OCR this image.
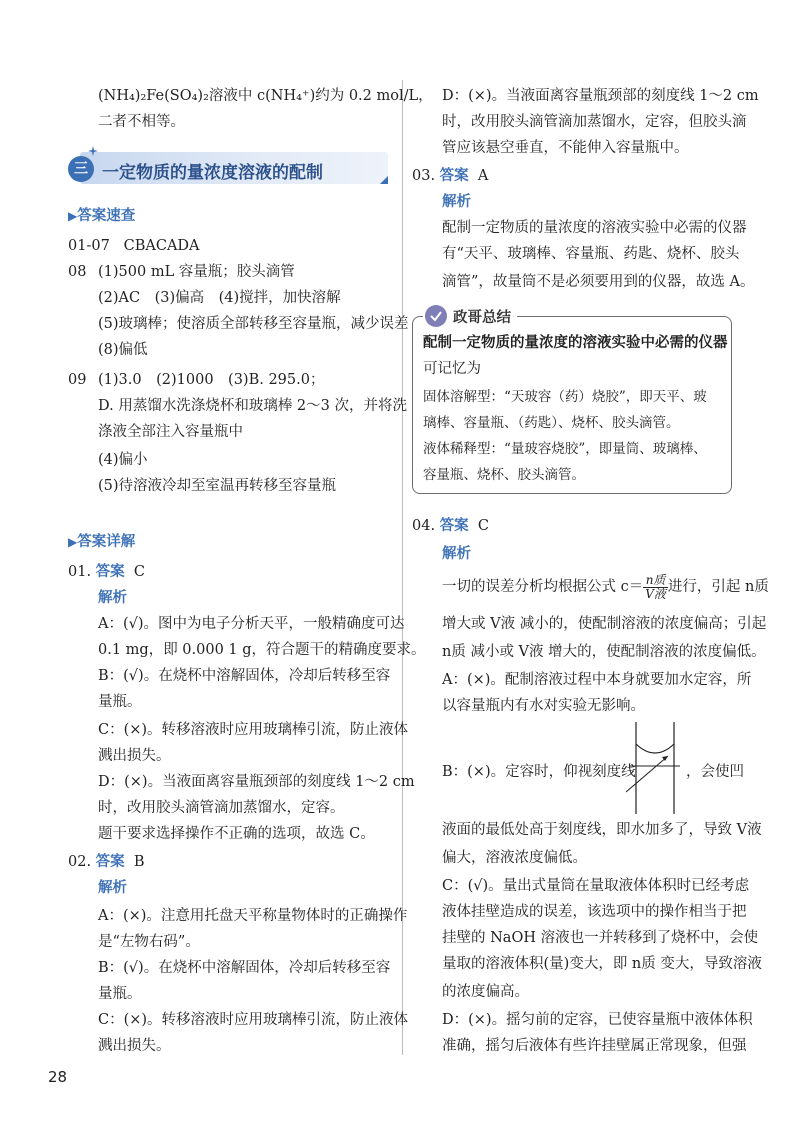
(NH₄)₂Fe(SO₄)₂溶液中 c(NH₄⁺)约为 0.2 mol/L，
二者不相等。
三 一定物质的量浓度溶液的配制
▶答案速查
01-07 CBACADA
08 (1)500 mL 容量瓶；胶头滴管
(2)AC　(3)偏高　(4)搅拌，加快溶解
(5)玻璃棒；使溶质全部转移至容量瓶，减少误差
(8)偏低
09 (1)3.0　(2)1000　(3)B. 295.0；
D. 用蒸馏水洗涤烧杯和玻璃棒 2～3 次，并将洗
涤液全部注入容量瓶中
(4)偏小
(5)待溶液冷却至室温再转移至容量瓶
▶答案详解
01. 答案 C
解析
A：(√)。图中为电子分析天平，一般精确度可达
0.1 mg，即 0.000 1 g，符合题干的精确度要求。
B：(√)。在烧杯中溶解固体，冷却后转移至容
量瓶。
C：(×)。转移溶液时应用玻璃棒引流，防止液体
溅出损失。
D：(×)。当液面离容量瓶颈部的刻度线 1～2 cm
时，改用胶头滴管滴加蒸馏水，定容。
题干要求选择操作不正确的选项，故选 C。
02. 答案 B
解析
A：(×)。注意用托盘天平称量物体时的正确操作
是“左物右码”。
B：(√)。在烧杯中溶解固体，冷却后转移至容
量瓶。
C：(×)。转移溶液时应用玻璃棒引流，防止液体
溅出损失。
D：(×)。当液面离容量瓶颈部的刻度线 1～2 cm
时，改用胶头滴管滴加蒸馏水，定容，但胶头滴
管应该悬空垂直，不能伸入容量瓶中。
03. 答案 A
解析
配制一定物质的量浓度的溶液实验中必需的仪器
有“天平、玻璃棒、容量瓶、药匙、烧杯、胶头
滴管”，故量筒不是必须要用到的仪器，故选 A。
政哥总结
配制一定物质的量浓度的溶液实验中必需的仪器
可记忆为
固体溶解型：“天玻容（药）烧胶”，即天平、玻
璃棒、容量瓶、（药匙）、烧杯、胶头滴管。
液体稀释型：“量玻容烧胶”，即量筒、玻璃棒、
容量瓶、烧杯、胶头滴管。
04. 答案 C
解析
一切的误差分析均根据公式 $c= \frac{\text{n质}}{\text{V液}}$ 进行，引起 n质
增大或 V液 减小的，使配制溶液的浓度偏高；引起
n质 减小或 V液 增大的，使配制溶液的浓度偏低。
A：(×)。配制溶液过程中本身就要加水定容，所
以容量瓶内有水对实验无影响。
B：(×)。定容时，仰视刻度线	，会使凹
液面的最低处高于刻度线，即水加多了，导致 V液
偏大，溶液浓度偏低。
C：(√)。量出式量筒在量取液体体积时已经考虑
液体挂壁造成的误差，该选项中的操作相当于把
挂壁的 NaOH 溶液也一并转移到了烧杯中，会使
量取的溶液体积(量)变大，即 n质 变大，导致溶液
的浓度偏高。
D：(×)。摇匀前的定容，已使容量瓶中液体体积
准确，摇匀后液体有些许挂壁属正常现象，但强
28
